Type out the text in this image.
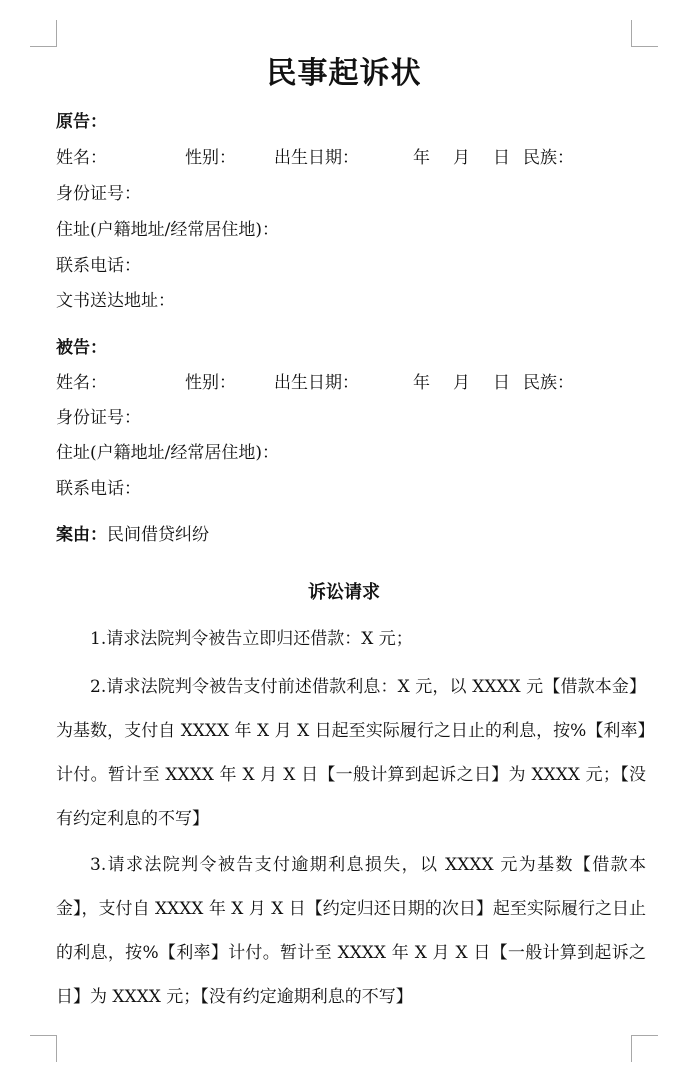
民事起诉状
原告：
姓名：	性别： 出生日期：	年 月 日 民族：
身份证号：
住址(户籍地址/经常居住地)：
联系电话：
文书送达地址：
被告：
姓名：	性别： 出生日期：	年 月 日 民族：
身份证号：
住址(户籍地址/经常居住地)：
联系电话：
案由：民间借贷纠纷
诉讼请求

1.请求法院判令被告立即归还借款：X 元；

2.请求法院判令被告支付前述借款利息：X 元，以 XXXX 元【借款本金】为基数，支付自 XXXX 年 X 月 X 日起至实际履行之日止的利息，按%【利率】计付。暂计至 XXXX 年 X 月 X 日【一般计算到起诉之日】为 XXXX 元；【没有约定利息的不写】

3.请求法院判令被告支付逾期利息损失，以 XXXX 元为基数【借款本金】，支付自 XXXX 年 X 月 X 日【约定归还日期的次日】起至实际履行之日止的利息，按%【利率】计付。暂计至 XXXX 年 X 月 X 日【一般计算到起诉之日】为 XXXX 元；【没有约定逾期利息的不写】
